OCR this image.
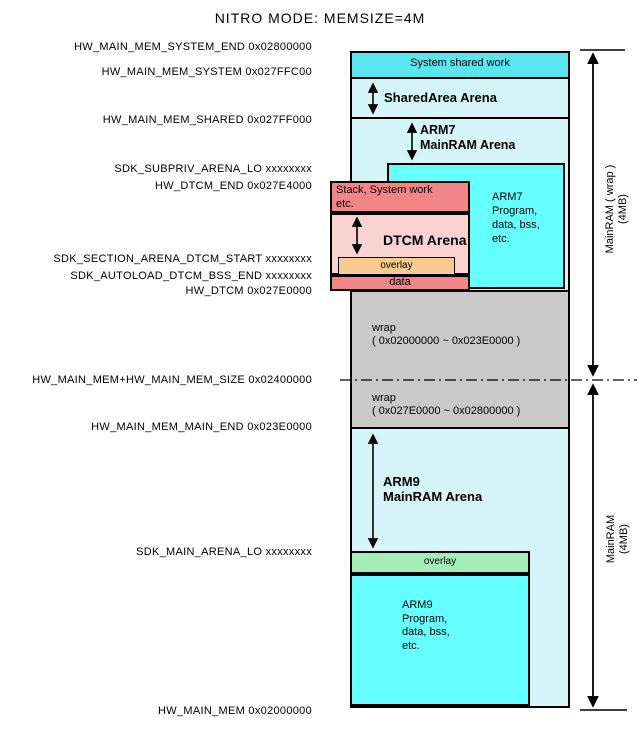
NITRO MODE: MEMSIZE=4M
HW_MAIN_MEM_SYSTEM_END 0x02800000
HW_MAIN_MEM_SYSTEM 0x027FFC00
HW_MAIN_MEM_SHARED 0x027FF000
SDK_SUBPRIV_ARENA_LO xxxxxxxx
HW_DTCM_END 0x027E4000
SDK_SECTION_ARENA_DTCM_START xxxxxxxx
SDK_AUTOLOAD_DTCM_BSS_END xxxxxxxx
HW_DTCM 0x027E0000
HW_MAIN_MEM+HW_MAIN_MEM_SIZE 0x02400000
HW_MAIN_MEM_MAIN_END 0x023E0000
SDK_MAIN_ARENA_LO xxxxxxxx
HW_MAIN_MEM 0x02000000
System shared work
SharedArea Arena
ARM7
MainRAM Arena
ARM7
Program,
data, bss,
etc.
Stack, System work
etc.
DTCM Arena
overlay
data
wrap
( 0x02000000 ~ 0x023E0000 )
wrap
( 0x027E0000 ~ 0x02800000 )
ARM9
MainRAM Arena
overlay
ARM9
Program,
data, bss,
etc.
MainRAM ( wrap ) (4MB)
MainRAM (4MB)
